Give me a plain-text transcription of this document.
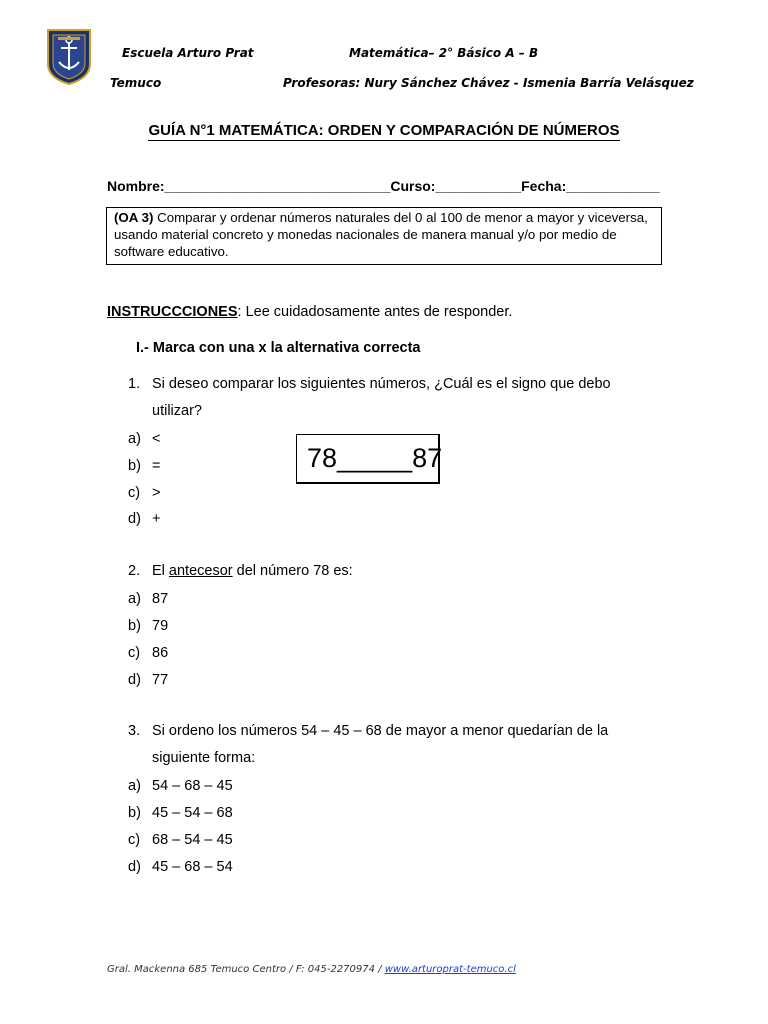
Escuela Arturo Prat	Matemática– 2° Básico A – B
Temuco	Profesoras: Nury Sánchez Chávez - Ismenia Barría Velásquez
GUÍA N°1 MATEMÁTICA: ORDEN Y COMPARACIÓN DE NÚMEROS
Nombre:_____________________________Curso:___________Fecha:____________
(OA 3) Comparar y ordenar números naturales del 0 al 100 de menor a mayor y viceversa, usando material concreto y monedas nacionales de manera manual y/o por medio de software educativo.
INSTRUCCCIONES: Lee cuidadosamente antes de responder.
I.- Marca con una x la alternativa correcta
1. Si deseo comparar los siguientes números, ¿Cuál es el signo que debo utilizar?
a) <
b) =
c) >
d) +
78_____87
2. El antecesor del número 78 es:
a) 87
b) 79
c) 86
d) 77
3. Si ordeno los números 54 – 45 – 68 de mayor a menor quedarían de la siguiente forma:
a) 54 – 68 – 45
b) 45 – 54 – 68
c) 68 – 54 – 45
d) 45 – 68 – 54
Gral. Mackenna 685 Temuco Centro / F: 045-2270974 / www.arturoprat-temuco.cl
